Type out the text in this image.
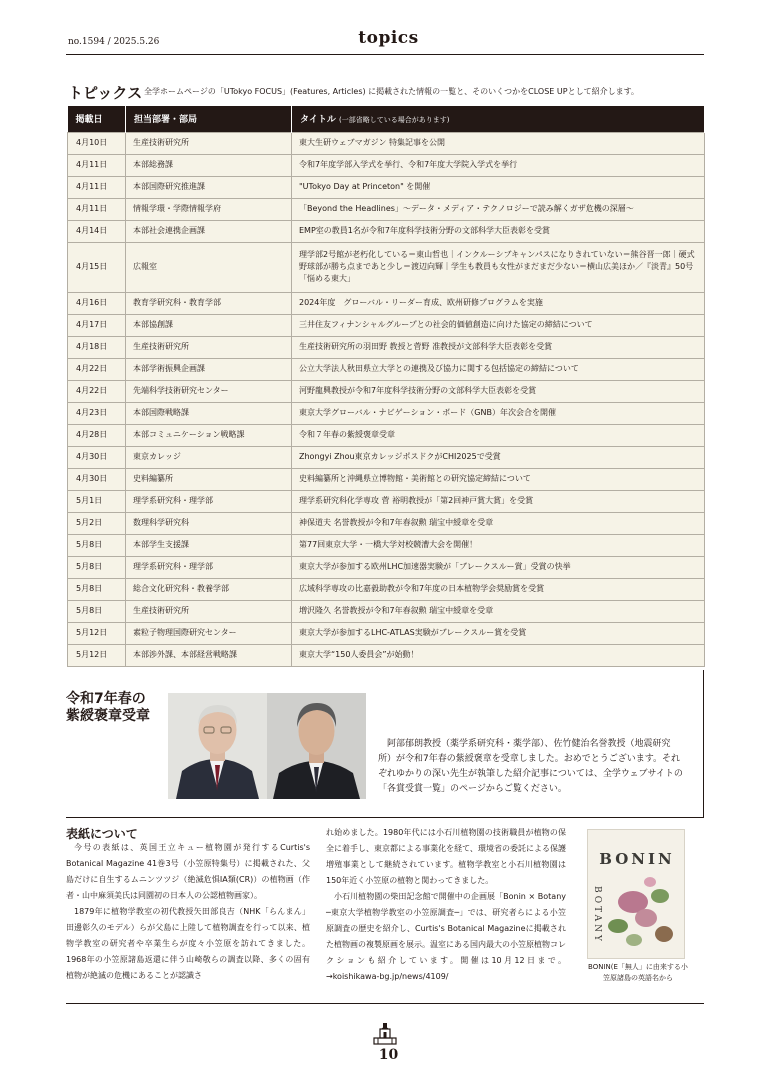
no.1594 / 2025.5.26	topics
トピックス 全学ホームページの「UTokyo FOCUS」(Features, Articles) に掲載された情報の一覧と、そのいくつかをCLOSE UPとして紹介します。
掲載日	担当部署・部局	タイトル (一部省略している場合があります)
4月10日	生産技術研究所	東大生研ウェブマガジン 特集記事を公開
4月11日	本部総務課	令和7年度学部入学式を挙行、令和7年度大学院入学式を挙行
4月11日	本部国際研究推進課	"UTokyo Day at Princeton" を開催
4月11日	情報学環・学際情報学府	「Beyond the Headlines」〜データ・メディア・テクノロジーで読み解くガザ危機の深層〜
4月14日	本部社会連携企画課	EMP室の教員1名が令和7年度科学技術分野の文部科学大臣表彰を受賞
4月15日	広報室	理学部2号館が老朽化している＝東山哲也｜インクルーシブキャンパスになりきれていない＝熊谷晋一郎｜硬式野球部が勝ち点まであと少し＝渡辺向輝｜学生も教員も女性がまだまだ少ない＝横山広美ほか／『淡青』50号「悩める東大」
4月16日	教育学研究科・教育学部	2024年度　グローバル・リーダー育成、欧州研修プログラムを実施
4月17日	本部協創課	三井住友フィナンシャルグループとの社会的価値創造に向けた協定の締結について
4月18日	生産技術研究所	生産技術研究所の羽田野 教授と菅野 准教授が文部科学大臣表彰を受賞
4月22日	本部学術振興企画課	公立大学法人秋田県立大学との連携及び協力に関する包括協定の締結について
4月22日	先端科学技術研究センター	河野龍興教授が令和7年度科学技術分野の文部科学大臣表彰を受賞
4月23日	本部国際戦略課	東京大学グローバル・ナビゲーション・ボード（GNB）年次会合を開催
4月28日	本部コミュニケーション戦略課	令和７年春の紫綬褒章受章
4月30日	東京カレッジ	Zhongyi Zhou東京カレッジポスドクがCHI2025で受賞
4月30日	史料編纂所	史料編纂所と沖縄県立博物館・美術館との研究協定締結について
5月1日	理学系研究科・理学部	理学系研究科化学専攻 菅 裕明教授が「第2回神戸賞大賞」を受賞
5月2日	数理科学研究科	神保道夫 名誉教授が令和7年春叙勲 瑞宝中綬章を受章
5月8日	本部学生支援課	第77回東京大学・一橋大学対校競漕大会を開催！
5月8日	理学系研究科・理学部	東京大学が参加する欧州LHC加速器実験が「ブレークスルー賞」受賞の快挙
5月8日	総合文化研究科・教養学部	広域科学専攻の比嘉毅助教が令和7年度の日本植物学会奨励賞を受賞
5月8日	生産技術研究所	増沢隆久 名誉教授が令和7年春叙勲 瑞宝中綬章を受章
5月12日	素粒子物理国際研究センター	東京大学が参加するLHC-ATLAS実験がブレークスルー賞を受賞
5月12日	本部渉外課、本部経営戦略課	東京大学“150人委員会”が始動！
令和7年春の
紫綬褒章受章
阿部郁朗教授（薬学系研究科・薬学部）、佐竹健治名誉教授（地震研究所）が令和7年春の紫綬褒章を受章しました。おめでとうございます。それぞれゆかりの深い先生が執筆した紹介記事については、全学ウェブサイトの「各賞受賞一覧」のページからご覧ください。
表紙について

今号の表紙は、英国王立キュー植物園が発行するCurtis's Botanical Magazine 41巻3号（小笠原特集号）に掲載された、父島だけに自生するムニンツツジ（絶滅危惧IA類(CR)）の植物画（作者・山中麻須美氏は同園初の日本人の公認植物画家）。

1879年に植物学教室の初代教授矢田部良吉（NHK「らんまん」田邊彰久のモデル）らが父島に上陸して植物調査を行って以来、植物学教室の研究者や卒業生らが度々小笠原を訪れてきました。1968年の小笠原諸島返還に伴う山崎敬らの調査以降、多くの固有植物が絶滅の危機にあることが認識さ

れ始めました。1980年代には小石川植物園の技術職員が植物の保全に着手し、東京都による事業化を経て、環境省の委託による保護増殖事業として継続されています。植物学教室と小石川植物園は150年近く小笠原の植物と関わってきました。

小石川植物園の柴田記念館で開催中の企画展「Bonin × Botany ─東京大学植物学教室の小笠原調査─」では、研究者らによる小笠原調査の歴史を紹介し、Curtis's Botanical Magazineに掲載された植物画の複製原画を展示。温室にある国内最大の小笠原植物コレクションも紹介しています。開催は10月12日まで。→koishikawa-bg.jp/news/4109/

BONIN
BOTANY
BONIN(E「無人」に由来する小笠原諸島の英語名から
10
